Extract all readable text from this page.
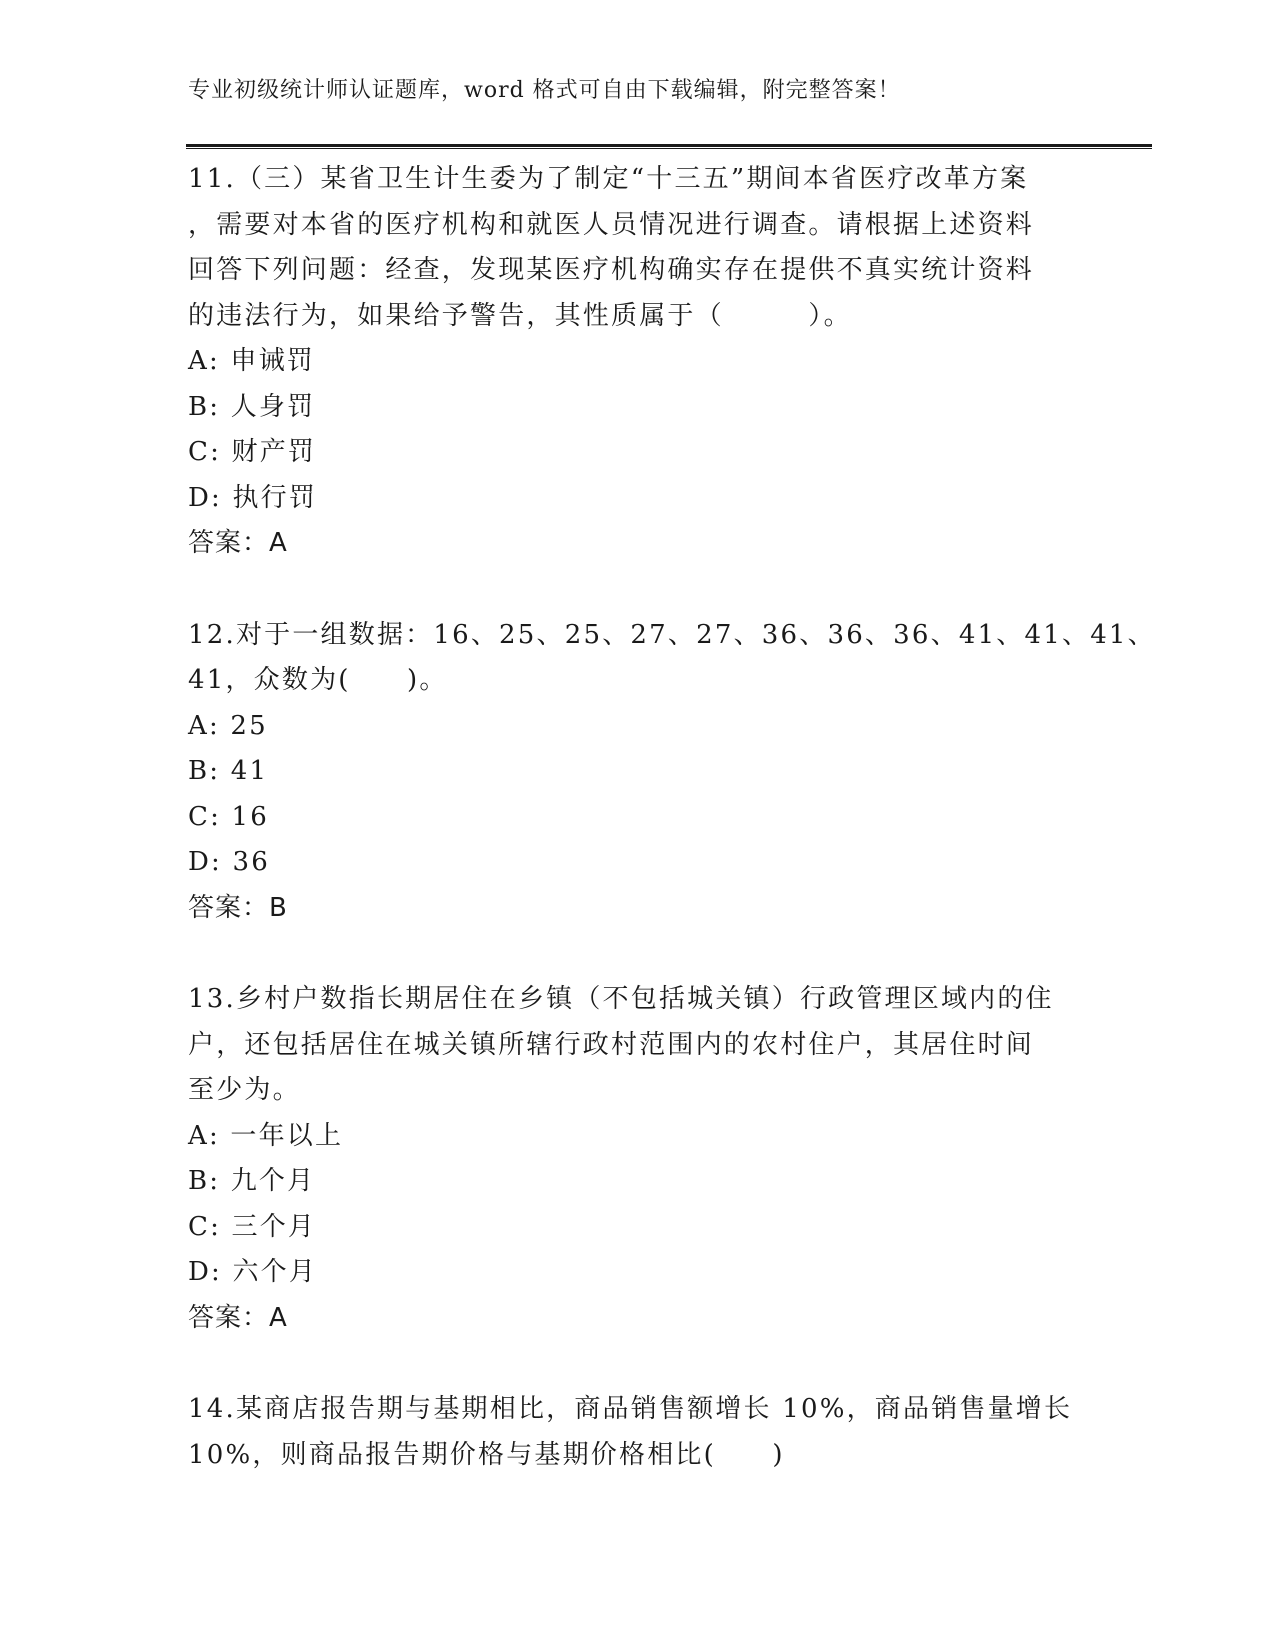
专业初级统计师认证题库，word 格式可自由下载编辑，附完整答案！
11.（三）某省卫生计生委为了制定“十三五”期间本省医疗改革方案
，需要对本省的医疗机构和就医人员情况进行调查。请根据上述资料
回答下列问题：经查，发现某医疗机构确实存在提供不真实统计资料
的违法行为，如果给予警告，其性质属于（　　　）。
A: 申诫罚
B: 人身罚
C: 财产罚
D: 执行罚
答案：A
12.对于一组数据：16、25、25、27、27、36、36、36、41、41、41、
41，众数为(　　)。
A: 25
B: 41
C: 16
D: 36
答案：B
13.乡村户数指长期居住在乡镇（不包括城关镇）行政管理区域内的住
户，还包括居住在城关镇所辖行政村范围内的农村住户，其居住时间
至少为。
A: 一年以上
B: 九个月
C: 三个月
D: 六个月
答案：A
14.某商店报告期与基期相比，商品销售额增长 10%，商品销售量增长
10%，则商品报告期价格与基期价格相比(　　)
